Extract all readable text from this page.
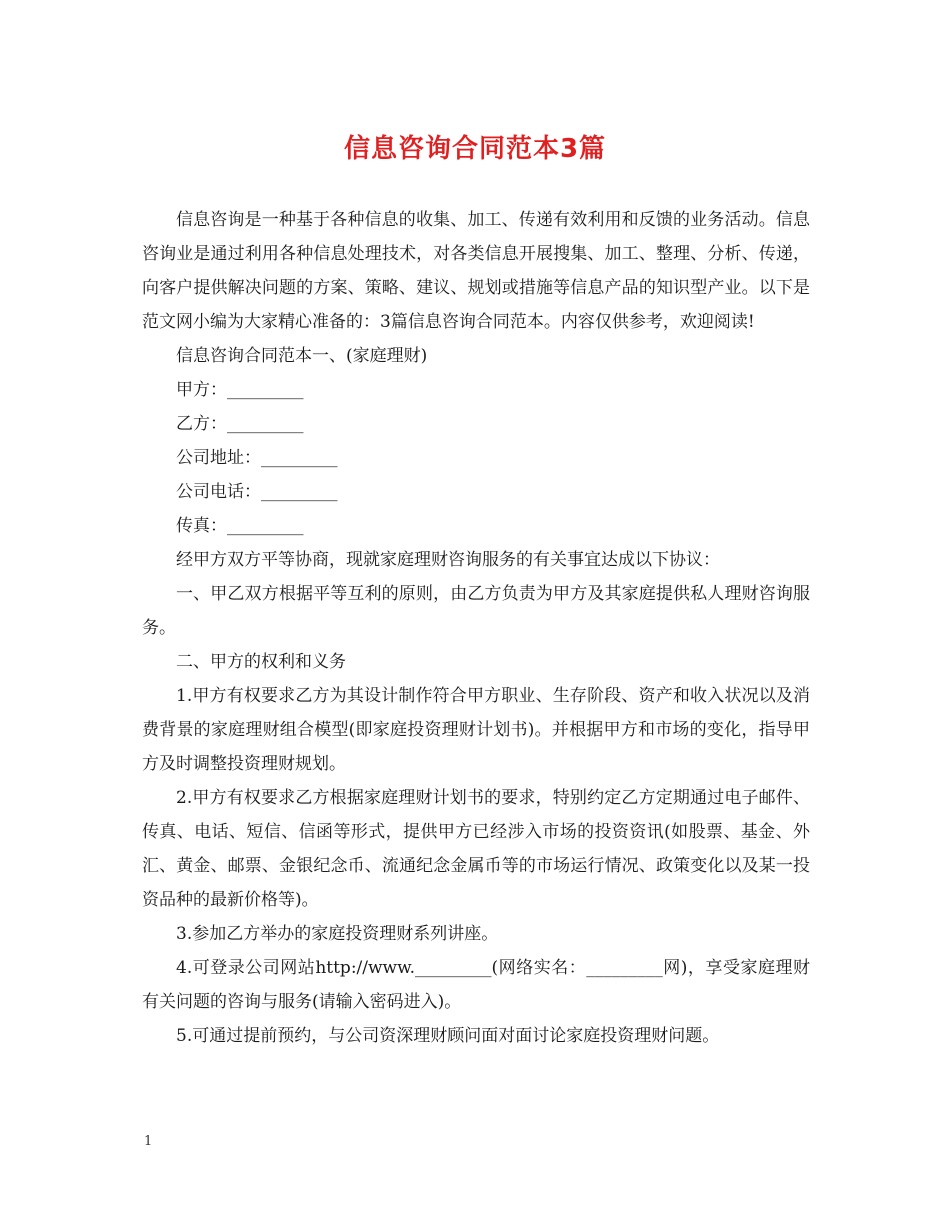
信息咨询合同范本3篇

信息咨询是一种基于各种信息的收集、加工、传递有效利用和反馈的业务活动。信息咨询业是通过利用各种信息处理技术，对各类信息开展搜集、加工、整理、分析、传递，向客户提供解决问题的方案、策略、建议、规划或措施等信息产品的知识型产业。以下是范文网小编为大家精心准备的：3篇信息咨询合同范本。内容仅供参考，欢迎阅读!

信息咨询合同范本一、(家庭理财)

甲方：_________

乙方：_________

公司地址：_________

公司电话：_________

传真：_________

经甲方双方平等协商，现就家庭理财咨询服务的有关事宜达成以下协议：

一、甲乙双方根据平等互利的原则，由乙方负责为甲方及其家庭提供私人理财咨询服务。

二、甲方的权利和义务

1.甲方有权要求乙方为其设计制作符合甲方职业、生存阶段、资产和收入状况以及消费背景的家庭理财组合模型(即家庭投资理财计划书)。并根据甲方和市场的变化，指导甲方及时调整投资理财规划。

2.甲方有权要求乙方根据家庭理财计划书的要求，特别约定乙方定期通过电子邮件、传真、电话、短信、信函等形式，提供甲方已经涉入市场的投资资讯(如股票、基金、外汇、黄金、邮票、金银纪念币、流通纪念金属币等的市场运行情况、政策变化以及某一投资品种的最新价格等)。

3.参加乙方举办的家庭投资理财系列讲座。

4.可登录公司网站http://www._________(网络实名：_________网)，享受家庭理财有关问题的咨询与服务(请输入密码进入)。

5.可通过提前预约，与公司资深理财顾问面对面讨论家庭投资理财问题。

1
